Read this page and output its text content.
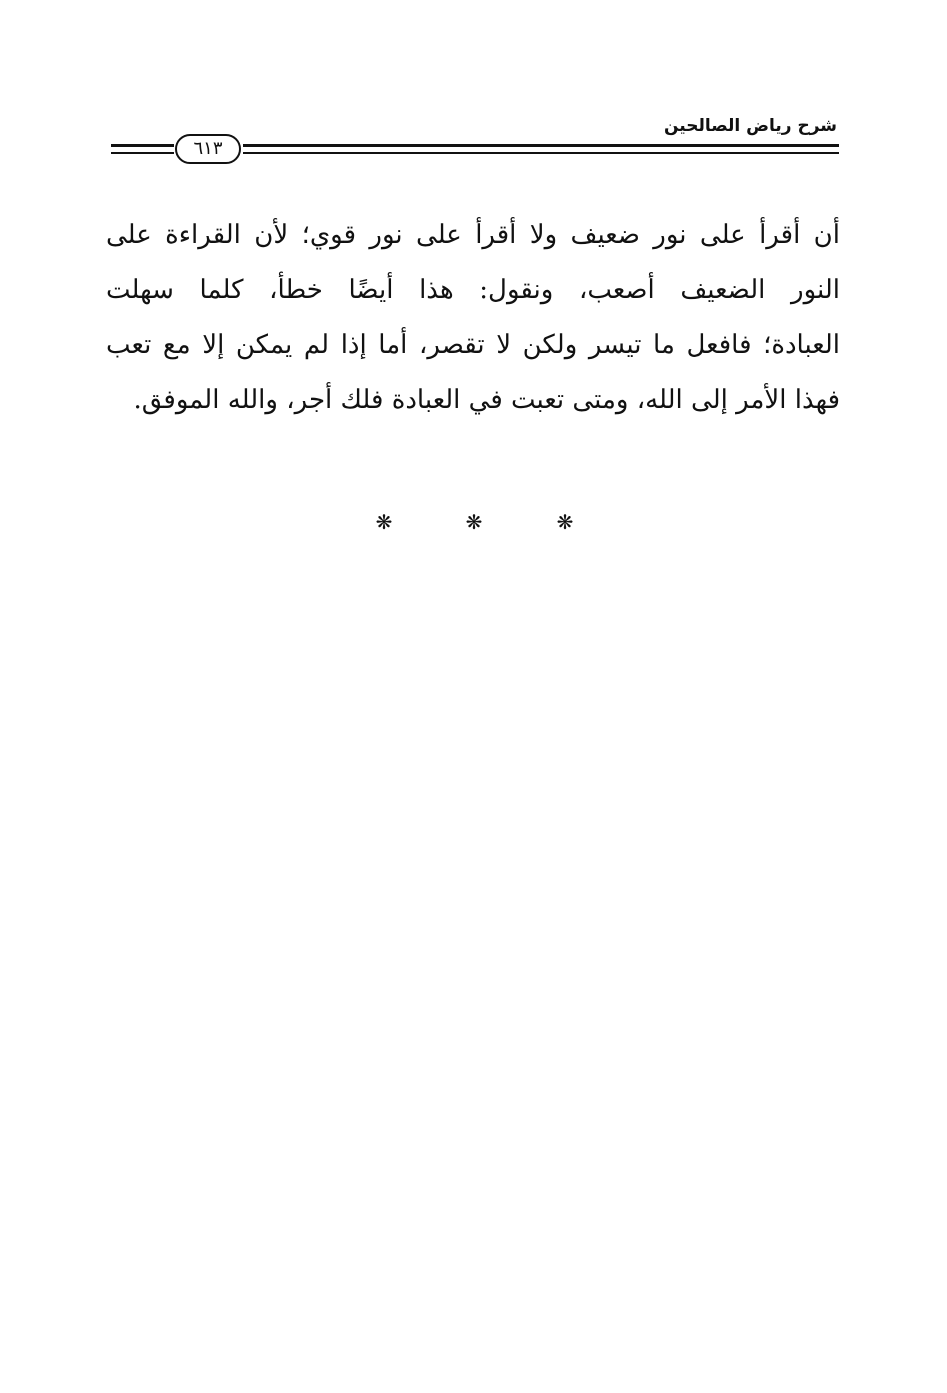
شرح رياض الصالحين
٦١٣
أن أقرأ على نور ضعيف ولا أقرأ على نور قوي؛ لأن القراءة على
النور الضعيف أصعب، ونقول: هذا أيضًا خطأ، كلما سهلت
العبادة؛ فافعل ما تيسر ولكن لا تقصر، أما إذا لم يمكن إلا مع تعب
فهذا الأمر إلى الله، ومتى تعبت في العبادة فلك أجر، والله الموفق.
❋	❋	❋
